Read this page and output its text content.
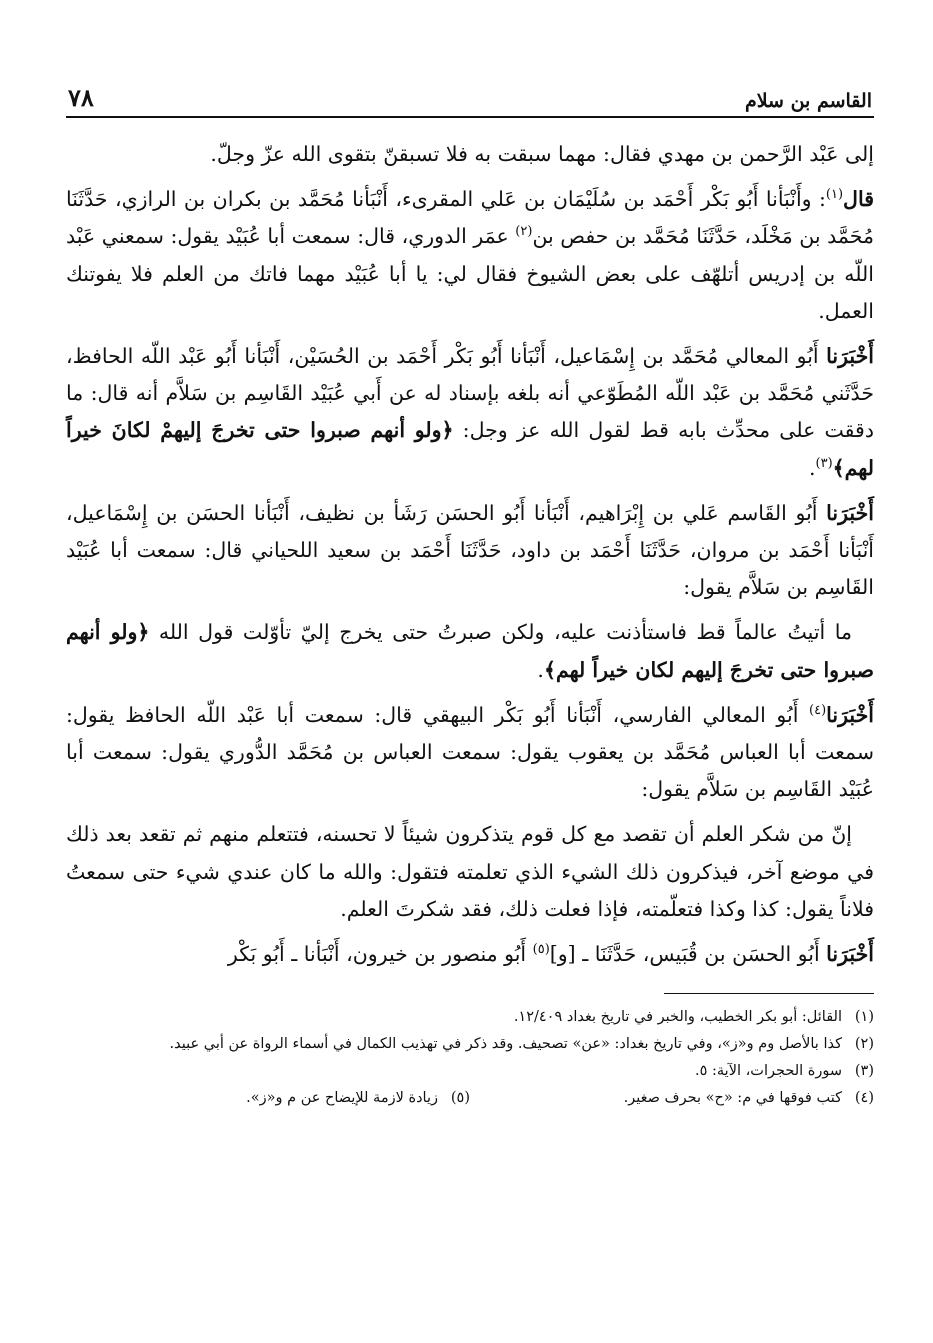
القاسم بن سلام
٧٨

إلى عَبْد الرَّحمن بن مهدي فقال: مهما سبقت به فلا تسبقنّ بتقوى الله عزّ وجلّ.

قال$^{(١)}$: وأَنْبَأنا أَبُو بَكْر أَحْمَد بن سُلَيْمَان بن عَلي المقرىء، أَنْبَأنا مُحَمَّد بن بكران بن الرازي، حَدَّثَنَا مُحَمَّد بن مَخْلَد، حَدَّثَنَا مُحَمَّد بن حفص بن$^{(٢)}$ عمَر الدوري، قال: سمعت أبا عُبَيْد يقول: سمعني عَبْد اللّه بن إدريس أتلهّف على بعض الشيوخ فقال لي: يا أبا عُبَيْد مهما فاتك من العلم فلا يفوتنك العمل.

أَخْبَرَنا أَبُو المعالي مُحَمَّد بن إِسْمَاعيل، أَنْبَأنا أَبُو بَكْر أَحْمَد بن الحُسَيْن، أَنْبَأنا أَبُو عَبْد اللّه الحافظ، حَدَّثَني مُحَمَّد بن عَبْد اللّه المُطَوّعي أنه بلغه بإسناد له عن أَبي عُبَيْد القَاسِم بن سَلاَّم أنه قال: ما دققت على محدِّث بابه قط لقول الله عز وجل: ﴿ولو أنهم صبروا حتى تخرجَ إليهمْ لكانَ خيراً لهم﴾$^{(٣)}$.

أَخْبَرَنا أَبُو القَاسم عَلي بن إِبْرَاهيم، أَنْبَأنا أَبُو الحسَن رَشَأ بن نظيف، أَنْبَأنا الحسَن بن إِسْمَاعيل، أَنْبَأنا أَحْمَد بن مروان، حَدَّثَنَا أَحْمَد بن داود، حَدَّثَنَا أَحْمَد بن سعيد اللحياني قال: سمعت أبا عُبَيْد القَاسِم بن سَلاَّم يقول:

ما أتيتُ عالماً قط فاستأذنت عليه، ولكن صبرتُ حتى يخرج إليّ تأوّلت قول الله ﴿ولو أنهم صبروا حتى تخرجَ إليهم لكان خيراً لهم﴾.

أَخْبَرَنا$^{(٤)}$ أَبُو المعالي الفارسي، أَنْبَأنا أَبُو بَكْر البيهقي قال: سمعت أبا عَبْد اللّه الحافظ يقول: سمعت أبا العباس مُحَمَّد بن يعقوب يقول: سمعت العباس بن مُحَمَّد الدُّوري يقول: سمعت أبا عُبَيْد القَاسِم بن سَلاَّم يقول:

إنّ من شكر العلم أن تقصد مع كل قوم يتذكرون شيئاً لا تحسنه، فتتعلم منهم ثم تقعد بعد ذلك في موضع آخر، فيذكرون ذلك الشيء الذي تعلمته فتقول: والله ما كان عندي شيء حتى سمعتُ فلاناً يقول: كذا وكذا فتعلّمته، فإذا فعلت ذلك، فقد شكرتَ العلم.

أَخْبَرَنا أَبُو الحسَن بن قُبَيس، حَدَّثَنَا ـ [و]$^{(٥)}$ أَبُو منصور بن خيرون، أَنْبَأنا ـ أَبُو بَكْر

(١)
القائل: أبو بكر الخطيب، والخبر في تاريخ بغداد ١٢/٤٠٩.
(٢)
كذا بالأصل وم و«ز»، وفي تاريخ بغداد: «عن» تصحيف. وقد ذكر في تهذيب الكمال في أسماء الرواة عن أبي عبيد.
(٣)
سورة الحجرات، الآية: ٥.
(٤)
كتب فوقها في م: «ح» بحرف صغير.
(٥)
زيادة لازمة للإيضاح عن م و«ز».
